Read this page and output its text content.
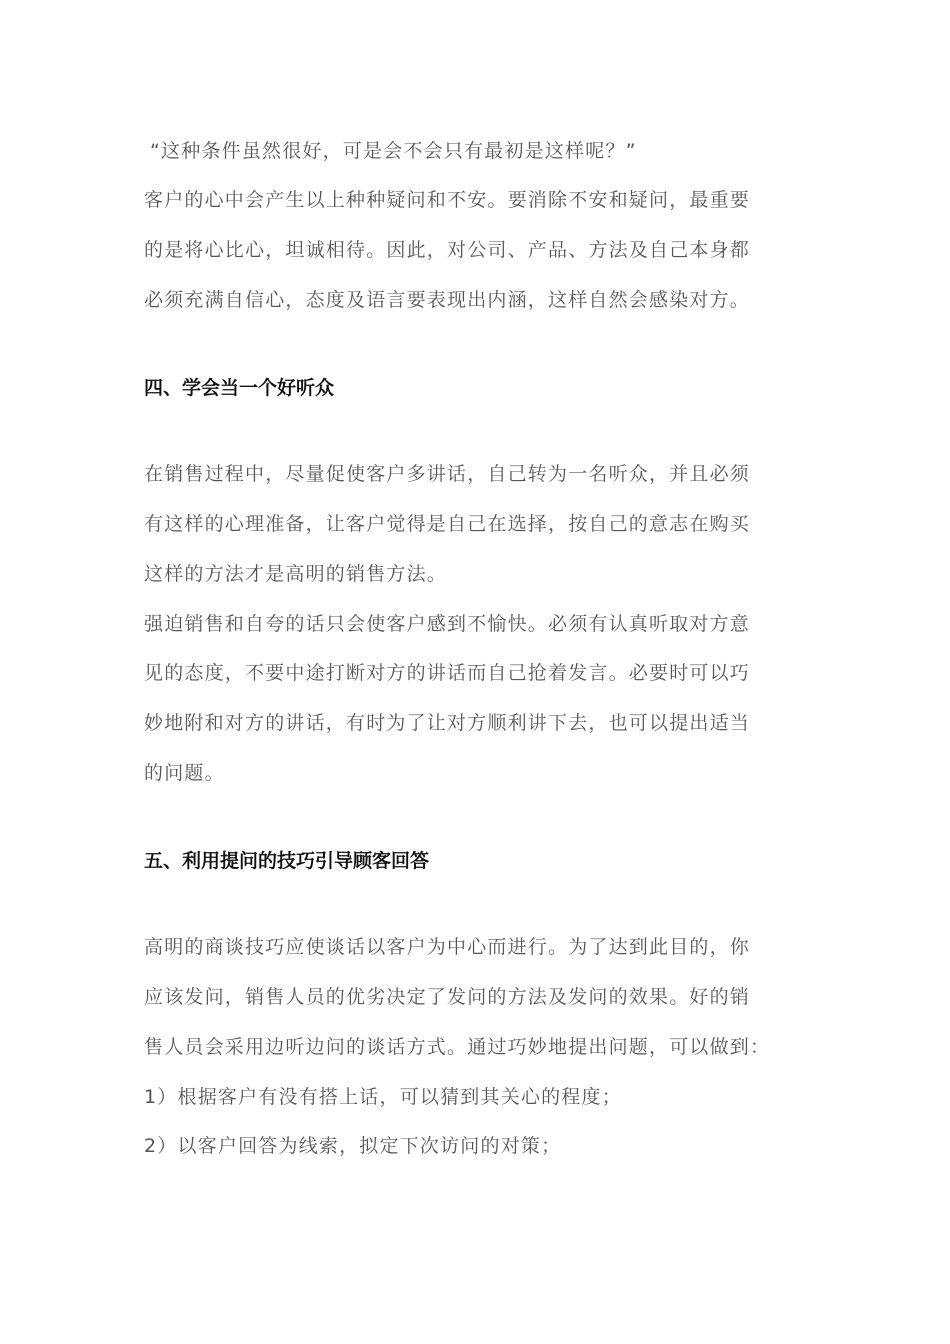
“这种条件虽然很好，可是会不会只有最初是这样呢？”
客户的心中会产生以上种种疑问和不安。要消除不安和疑问，最重要
的是将心比心，坦诚相待。因此，对公司、产品、方法及自己本身都
必须充满自信心，态度及语言要表现出内涵，这样自然会感染对方。
四、学会当一个好听众
在销售过程中，尽量促使客户多讲话，自己转为一名听众，并且必须
有这样的心理准备，让客户觉得是自己在选择，按自己的意志在购买
这样的方法才是高明的销售方法。
强迫销售和自夸的话只会使客户感到不愉快。必须有认真听取对方意
见的态度，不要中途打断对方的讲话而自己抢着发言。必要时可以巧
妙地附和对方的讲话，有时为了让对方顺利讲下去，也可以提出适当
的问题。
五、利用提问的技巧引导顾客回答
高明的商谈技巧应使谈话以客户为中心而进行。为了达到此目的，你
应该发问，销售人员的优劣决定了发问的方法及发问的效果。好的销
售人员会采用边听边问的谈话方式。通过巧妙地提出问题，可以做到：
1）根据客户有没有搭上话，可以猜到其关心的程度；
2）以客户回答为线索，拟定下次访问的对策；
